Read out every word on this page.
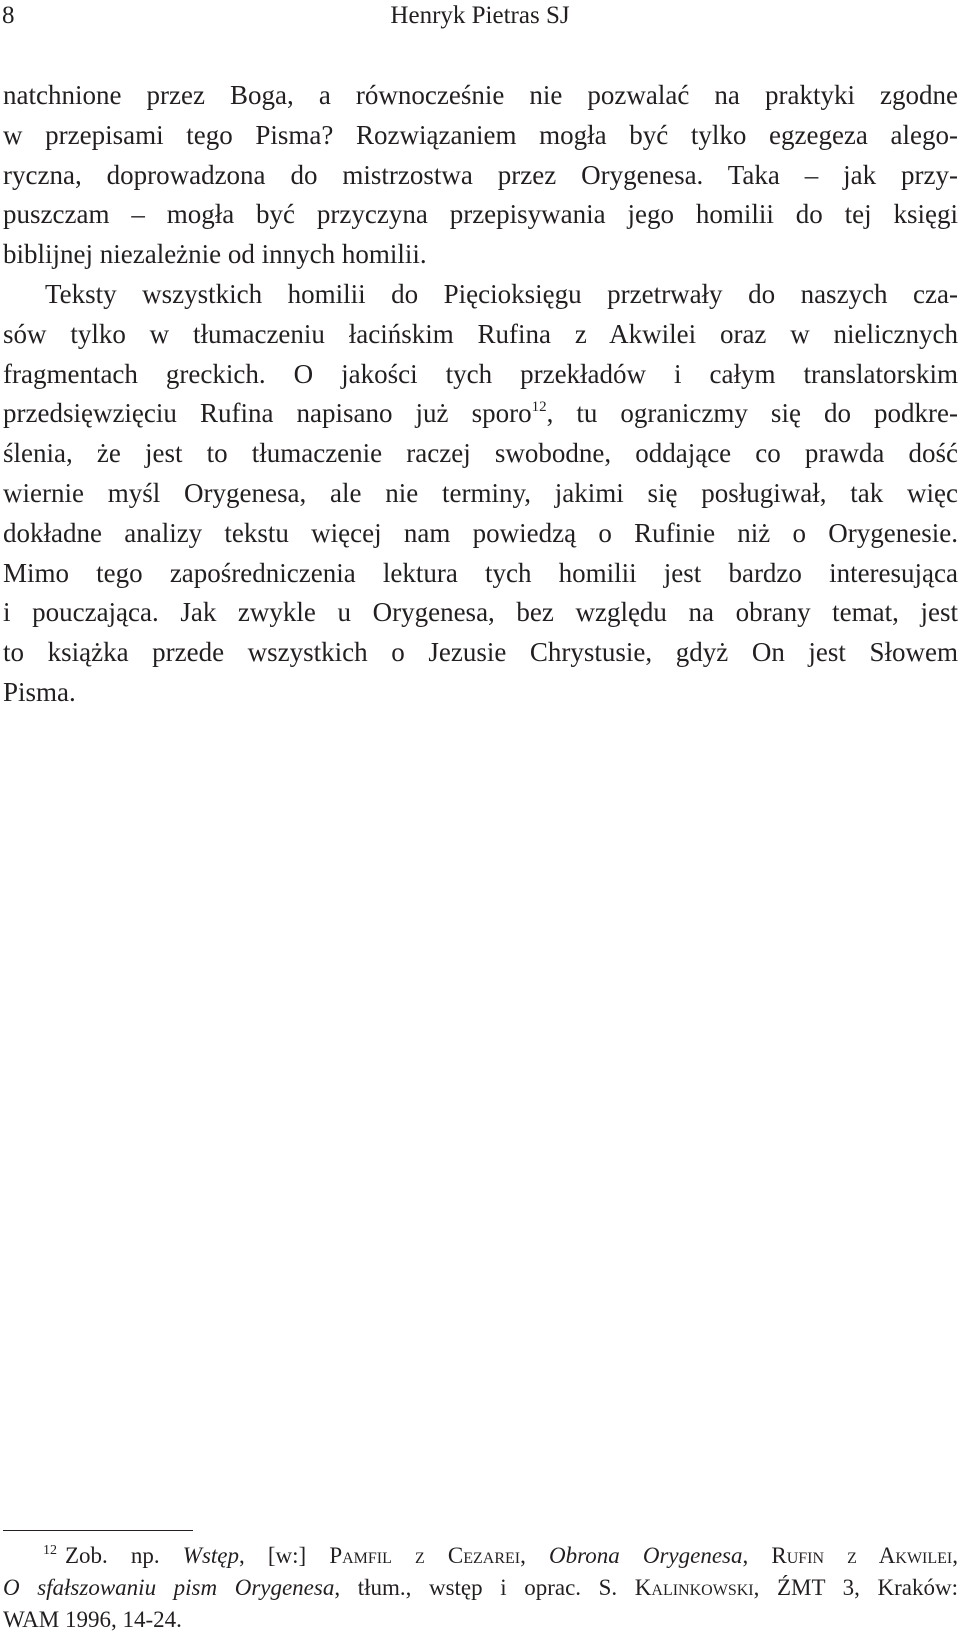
8	Henryk Pietras SJ

natchnione przez Boga, a równocześnie nie pozwalać na praktyki zgodne
w przepisami tego Pisma? Rozwiązaniem mogła być tylko egzegeza alego-
ryczna, doprowadzona do mistrzostwa przez Orygenesa. Taka – jak przy-
puszczam – mogła być przyczyna przepisywania jego homilii do tej księgi
biblijnej niezależnie od innych homilii.

Teksty wszystkich homilii do Pięcioksięgu przetrwały do naszych cza-
sów tylko w tłumaczeniu łacińskim Rufina z Akwilei oraz w nielicznych
fragmentach greckich. O jakości tych przekładów i całym translatorskim
przedsięwzięciu Rufina napisano już sporo$^{12}$, tu ograniczmy się do podkre-
ślenia, że jest to tłumaczenie raczej swobodne, oddające co prawda dość
wiernie myśl Orygenesa, ale nie terminy, jakimi się posługiwał, tak więc
dokładne analizy tekstu więcej nam powiedzą o Rufinie niż o Orygenesie.
Mimo tego zapośredniczenia lektura tych homilii jest bardzo interesująca
i pouczająca. Jak zwykle u Orygenesa, bez względu na obrany temat, jest
to książka przede wszystkich o Jezusie Chrystusie, gdyż On jest Słowem
Pisma.

$^{12}$ Zob. np. Wstęp, [w:] Pamfil z Cezarei, Obrona Orygenesa, Rufin z Akwilei,
O sfałszowaniu pism Orygenesa, tłum., wstęp i oprac. S. Kalinkowski, ŹMT 3, Kraków:
WAM 1996, 14-24.
